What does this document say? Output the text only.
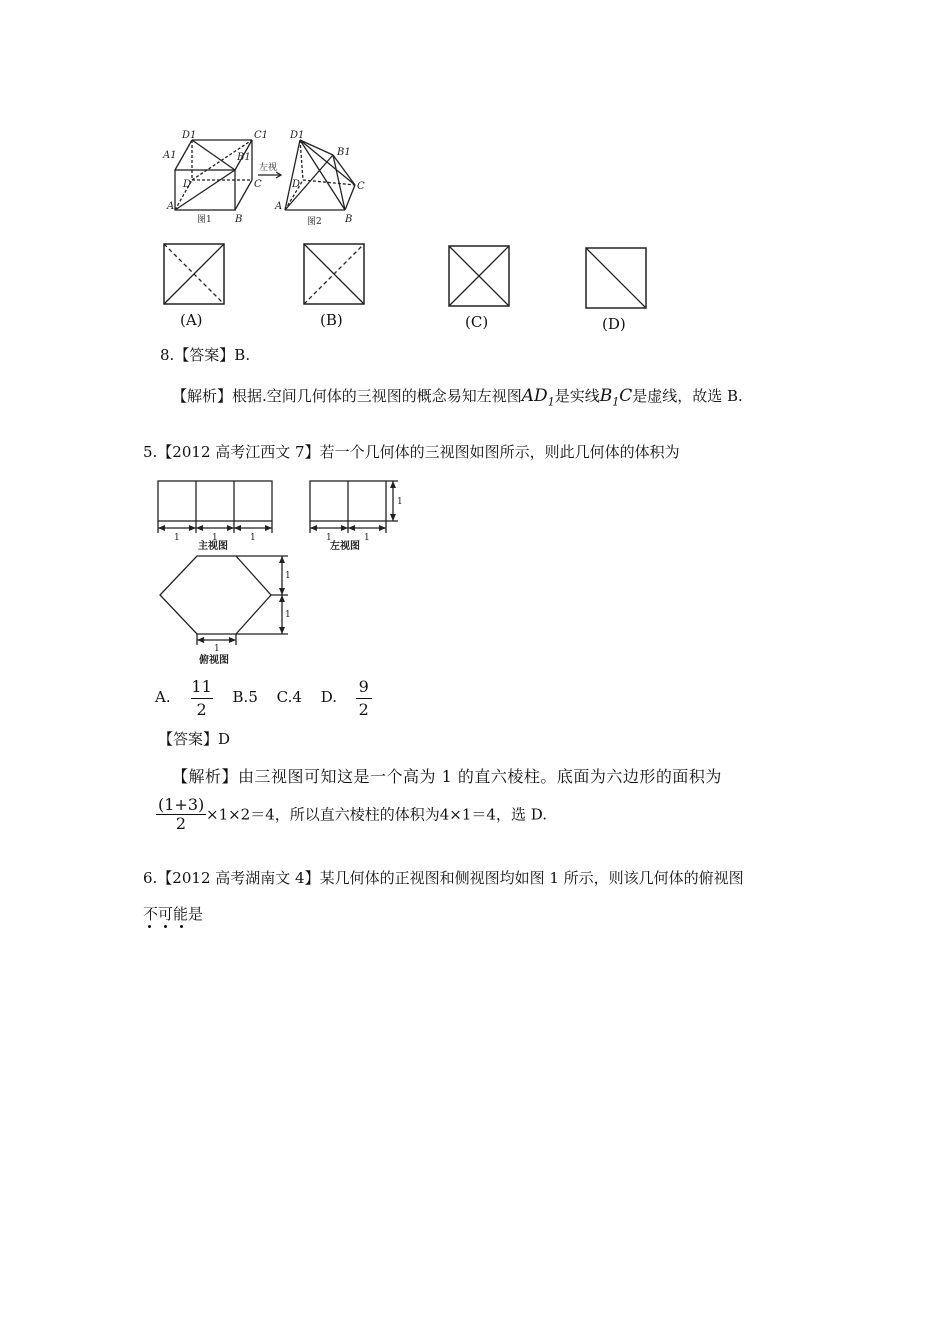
D1	C1
A1	B1
D	C
A
B
D1
B1
C
D
A
B
左视
图1	图2
(A)	(B)	(C)	(D)
8.【答案】B.
【解析】根据.空间几何体的三视图的概念易知左视图$AD_1$是实线$B_1C$是虚线，故选 B.
5.【2012 高考江西文 7】若一个几何体的三视图如图所示，则此几何体的体积为
1	1	1	1	1
1
1
1
1
主视图	左视图
俯视图
A. $\frac{11}{2} B.5$ C.4 D. $\frac{9}{2}$
【答案】D
【解析】由三视图可知这是一个高为 1 的直六棱柱。底面为六边形的面积为
$\frac{(1+3)}{2} \times 1\times 2=4$，所以直六棱柱的体积为4×1＝4，选 D.
6.【2012 高考湖南文 4】某几何体的正视图和侧视图均如图 1 所示，则该几何体的俯视图
不可能是
